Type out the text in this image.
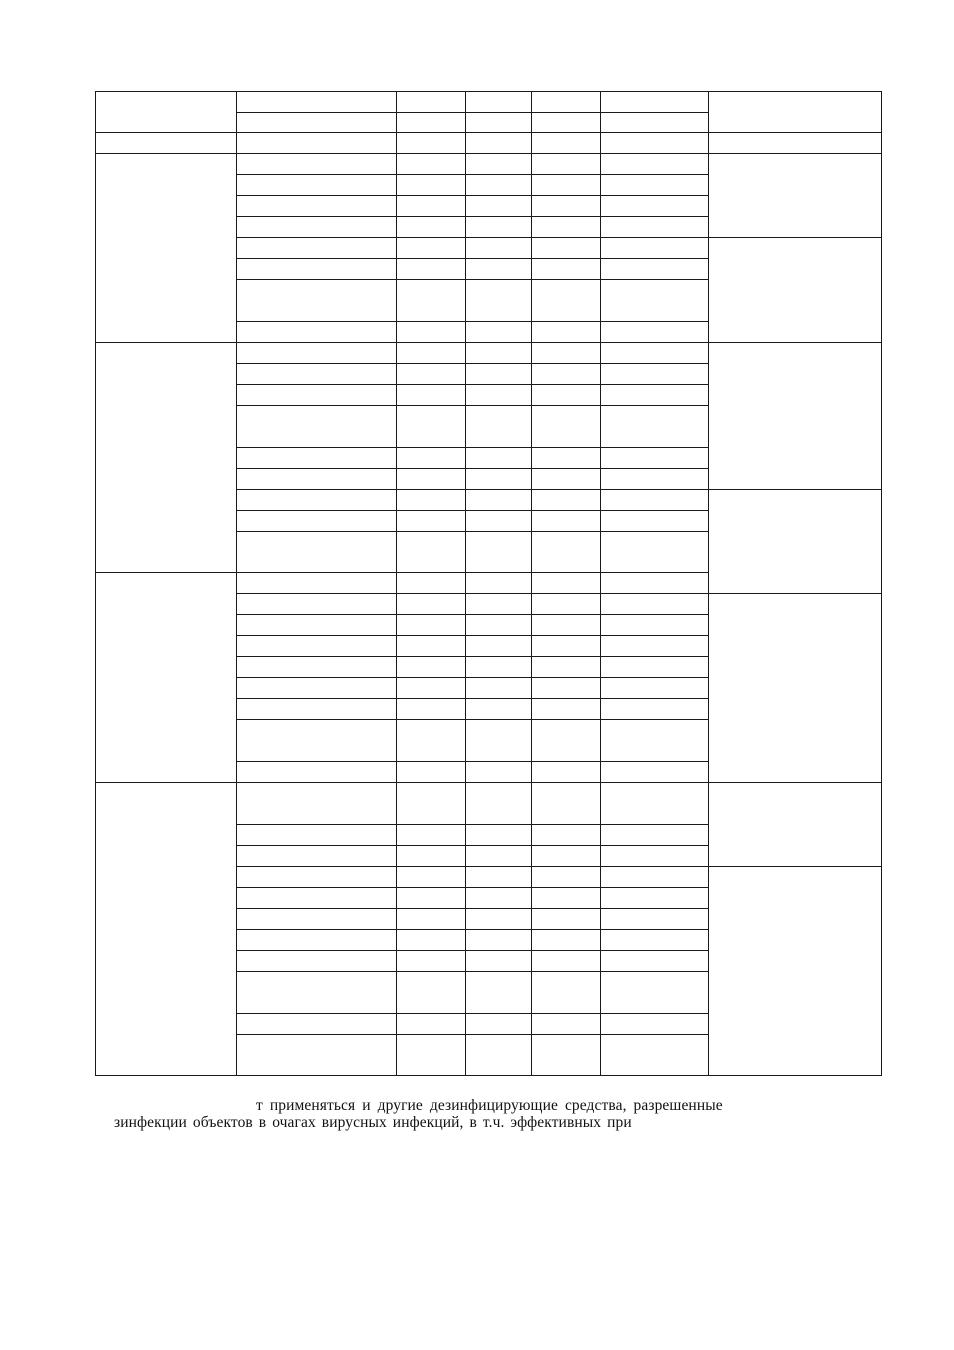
т применяться и другие дезинфицирующие средства, разрешенные
зинфекции объектов в очагах вирусных инфекций, в т.ч. эффективных при
